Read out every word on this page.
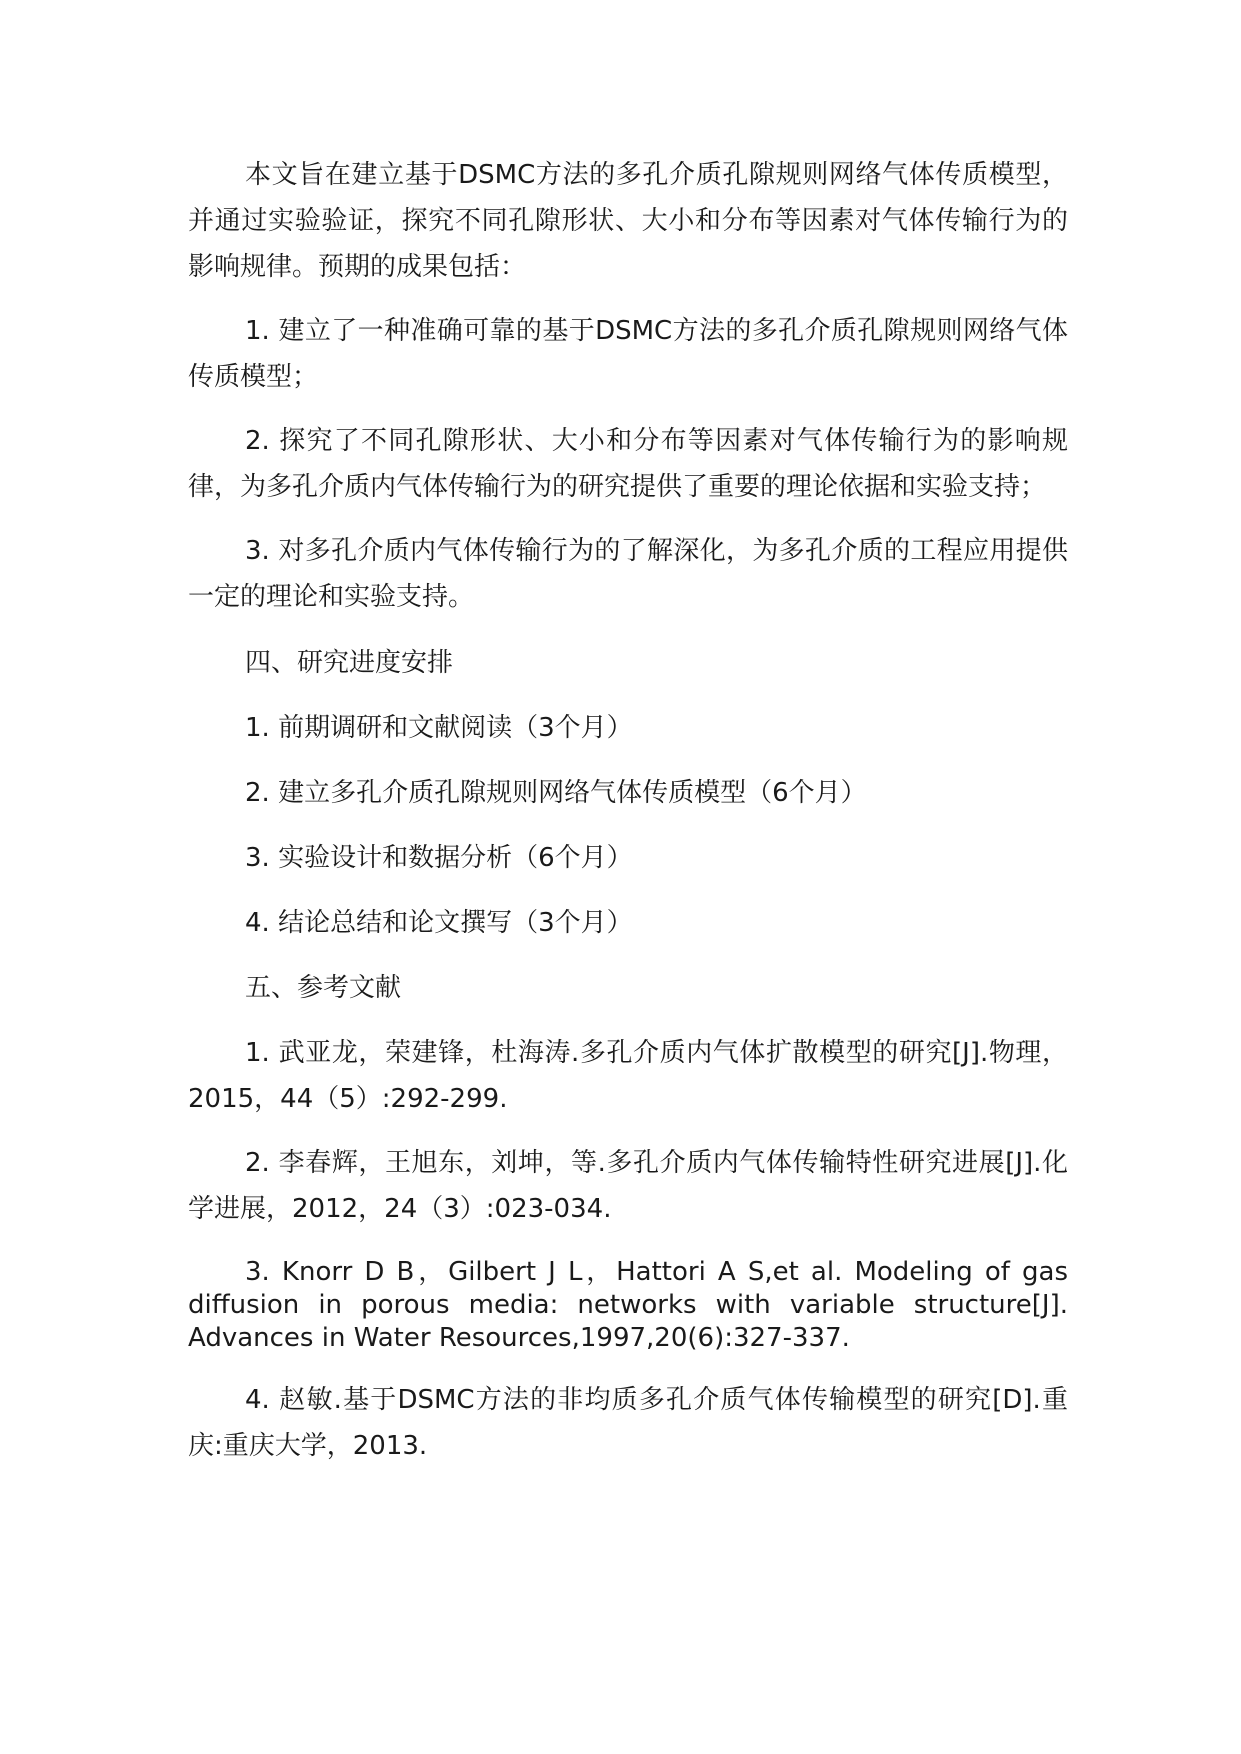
本文旨在建立基于DSMC方法的多孔介质孔隙规则网络气体传质模型，并通过实验验证，探究不同孔隙形状、大小和分布等因素对气体传输行为的影响规律。预期的成果包括：

1. 建立了一种准确可靠的基于DSMC方法的多孔介质孔隙规则网络气体传质模型；

2. 探究了不同孔隙形状、大小和分布等因素对气体传输行为的影响规律，为多孔介质内气体传输行为的研究提供了重要的理论依据和实验支持；

3. 对多孔介质内气体传输行为的了解深化，为多孔介质的工程应用提供一定的理论和实验支持。

四、研究进度安排

1. 前期调研和文献阅读（3个月）

2. 建立多孔介质孔隙规则网络气体传质模型（6个月）

3. 实验设计和数据分析（6个月）

4. 结论总结和论文撰写（3个月）

五、参考文献

1. 武亚龙，荣建锋，杜海涛.多孔介质内气体扩散模型的研究[J].物理，2015，44（5）:292-299.

2. 李春辉，王旭东，刘坤，等.多孔介质内气体传输特性研究进展[J].化学进展，2012，24（3）:023-034.

3. Knorr D B，Gilbert J L，Hattori A S,et al. Modeling of gas diffusion in porous media: networks with variable structure[J]. Advances in Water Resources,1997,20(6):327-337.

4. 赵敏.基于DSMC方法的非均质多孔介质气体传输模型的研究[D].重庆:重庆大学，2013.
